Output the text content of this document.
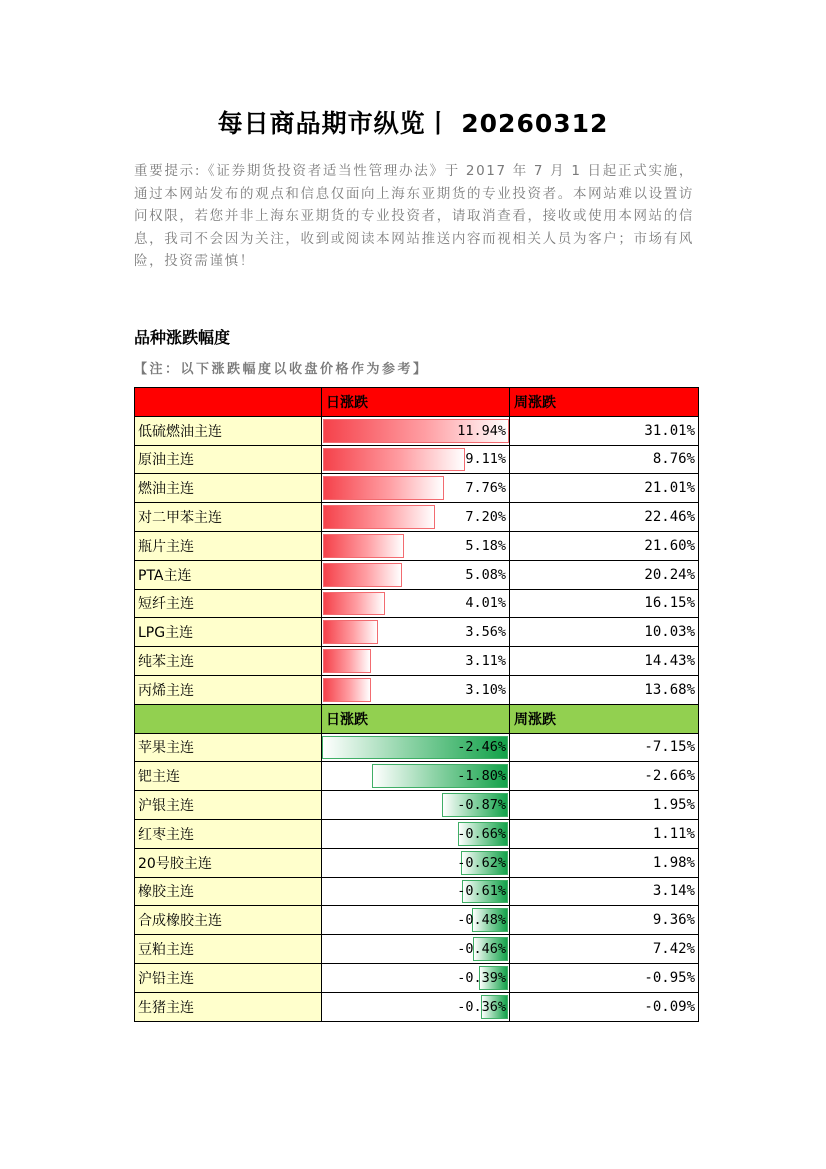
每日商品期市纵览丨 20260312
重要提示:《证券期货投资者适当性管理办法》于 2017 年 7 月 1 日起正式实施，通过本网站发布的观点和信息仅面向上海东亚期货的专业投资者。本网站难以设置访问权限，若您并非上海东亚期货的专业投资者，请取消查看，接收或使用本网站的信息，我司不会因为关注，收到或阅读本网站推送内容而视相关人员为客户；市场有风险，投资需谨慎！
品种涨跌幅度
【注：以下涨跌幅度以收盘价格作为参考】
	日涨跌	周涨跌
低硫燃油主连	11.94%	31.01%
原油主连	9.11%	8.76%
燃油主连	7.76%	21.01%
对二甲苯主连	7.20%	22.46%
瓶片主连	5.18%	21.60%
PTA主连	5.08%	20.24%
短纤主连	4.01%	16.15%
LPG主连	3.56%	10.03%
纯苯主连	3.11%	14.43%
丙烯主连	3.10%	13.68%
	日涨跌	周涨跌
苹果主连	-2.46%	-7.15%
钯主连	-1.80%	-2.66%
沪银主连	-0.87%	1.95%
红枣主连	-0.66%	1.11%
20号胶主连	-0.62%	1.98%
橡胶主连	-0.61%	3.14%
合成橡胶主连	-0.48%	9.36%
豆粕主连	-0.46%	7.42%
沪铅主连	-0.39%	-0.95%
生猪主连	-0.36%	-0.09%
